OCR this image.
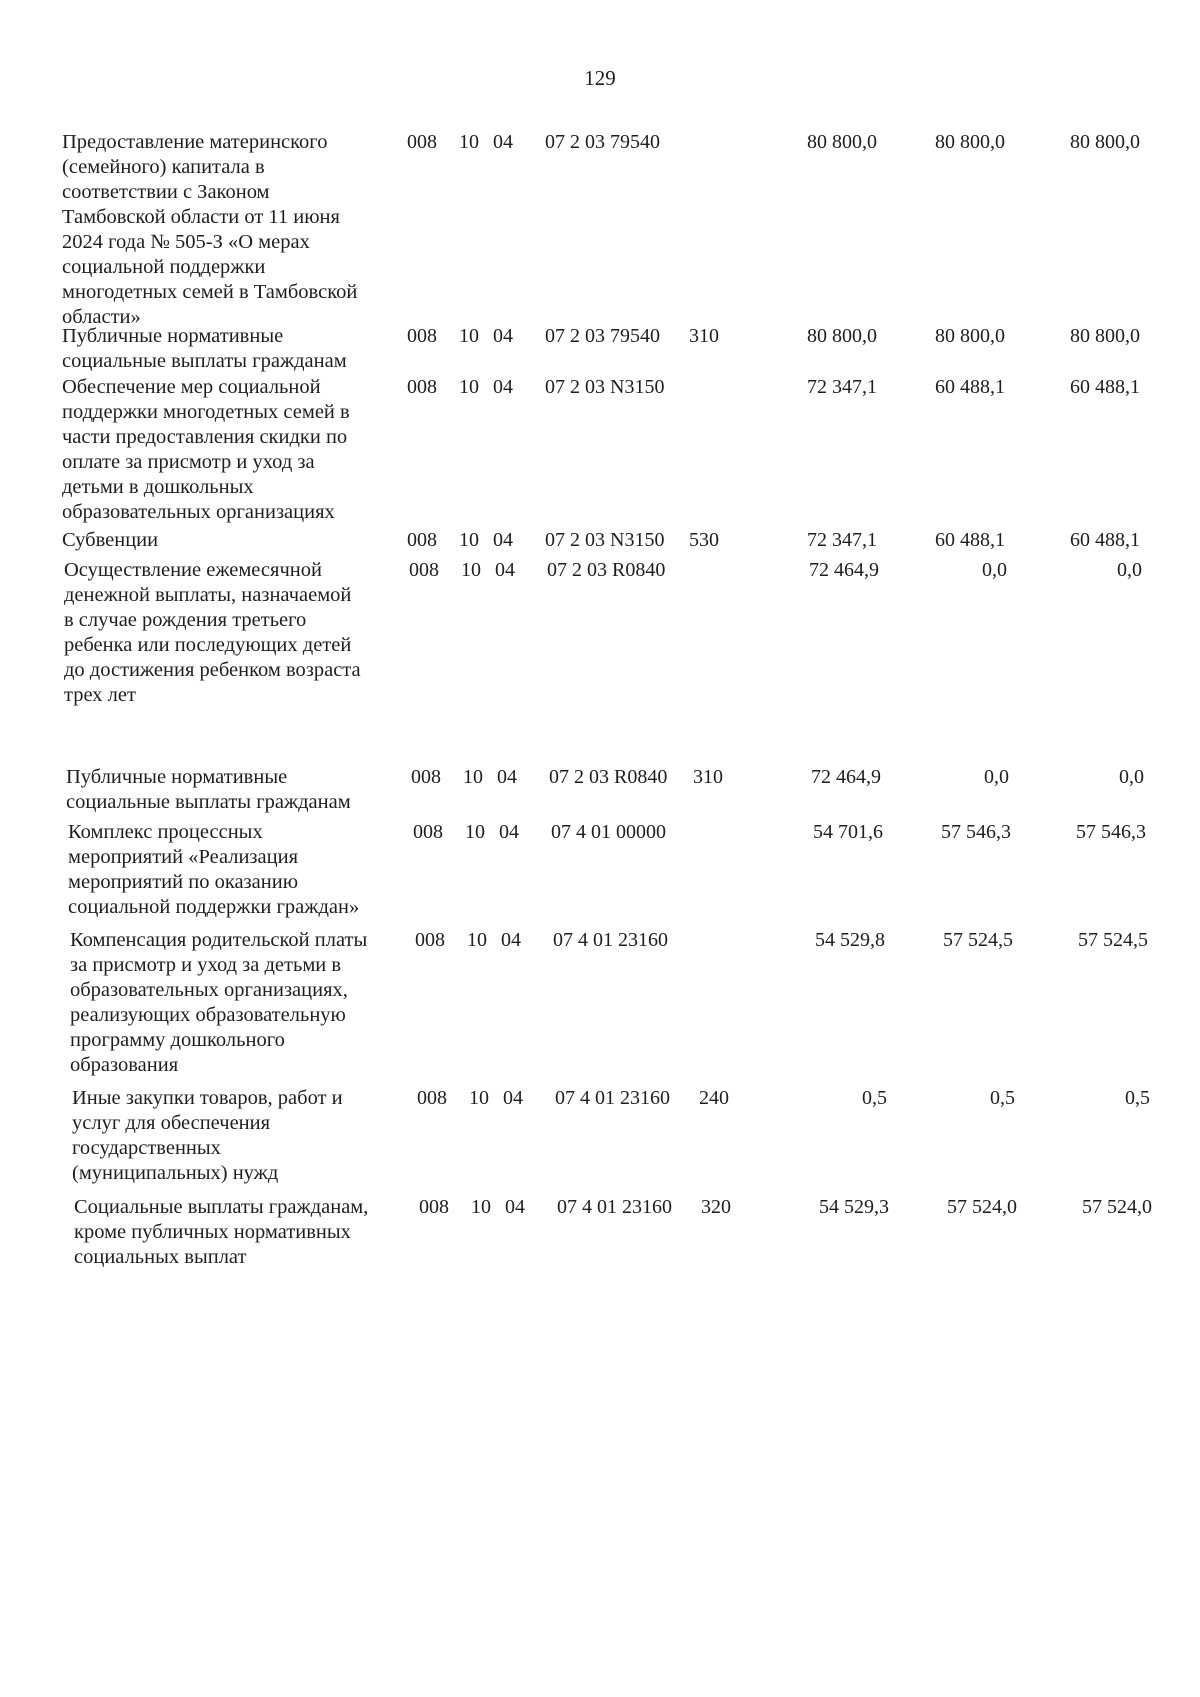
129
Предоставление материнского
(семейного) капитала в
соответствии с Законом
Тамбовской области от 11 июня
2024 года № 505-З «О мерах
социальной поддержки
многодетных семей в Тамбовской
области»
008 10 04 07 2 03 79540	80 800,0	80 800,0	80 800,0
Публичные нормативные
социальные выплаты гражданам
008 10 04 07 2 03 79540 310	80 800,0	80 800,0	80 800,0
Обеспечение мер социальной
поддержки многодетных семей в
части предоставления скидки по
оплате за присмотр и уход за
детьми в дошкольных
образовательных организациях
008 10 04 07 2 03 N3150	72 347,1	60 488,1	60 488,1
Субвенции	008 10 04 07 2 03 N3150 530	72 347,1	60 488,1	60 488,1
Осуществление ежемесячной
денежной выплаты, назначаемой
в случае рождения третьего
ребенка или последующих детей
до достижения ребенком возраста
трех лет
008 10 04 07 2 03 R0840	72 464,9	0,0	0,0
Публичные нормативные
социальные выплаты гражданам
008 10 04 07 2 03 R0840 310	72 464,9	0,0	0,0
Комплекс процессных
мероприятий «Реализация
мероприятий по оказанию
социальной поддержки граждан»
008 10 04 07 4 01 00000	54 701,6	57 546,3	57 546,3
Компенсация родительской платы
за присмотр и уход за детьми в
образовательных организациях,
реализующих образовательную
программу дошкольного
образования
008 10 04 07 4 01 23160	54 529,8	57 524,5	57 524,5
Иные закупки товаров, работ и
услуг для обеспечения
государственных
(муниципальных) нужд
008 10 04 07 4 01 23160 240	0,5	0,5	0,5
Социальные выплаты гражданам,
кроме публичных нормативных
социальных выплат
008 10 04 07 4 01 23160 320	54 529,3	57 524,0	57 524,0
